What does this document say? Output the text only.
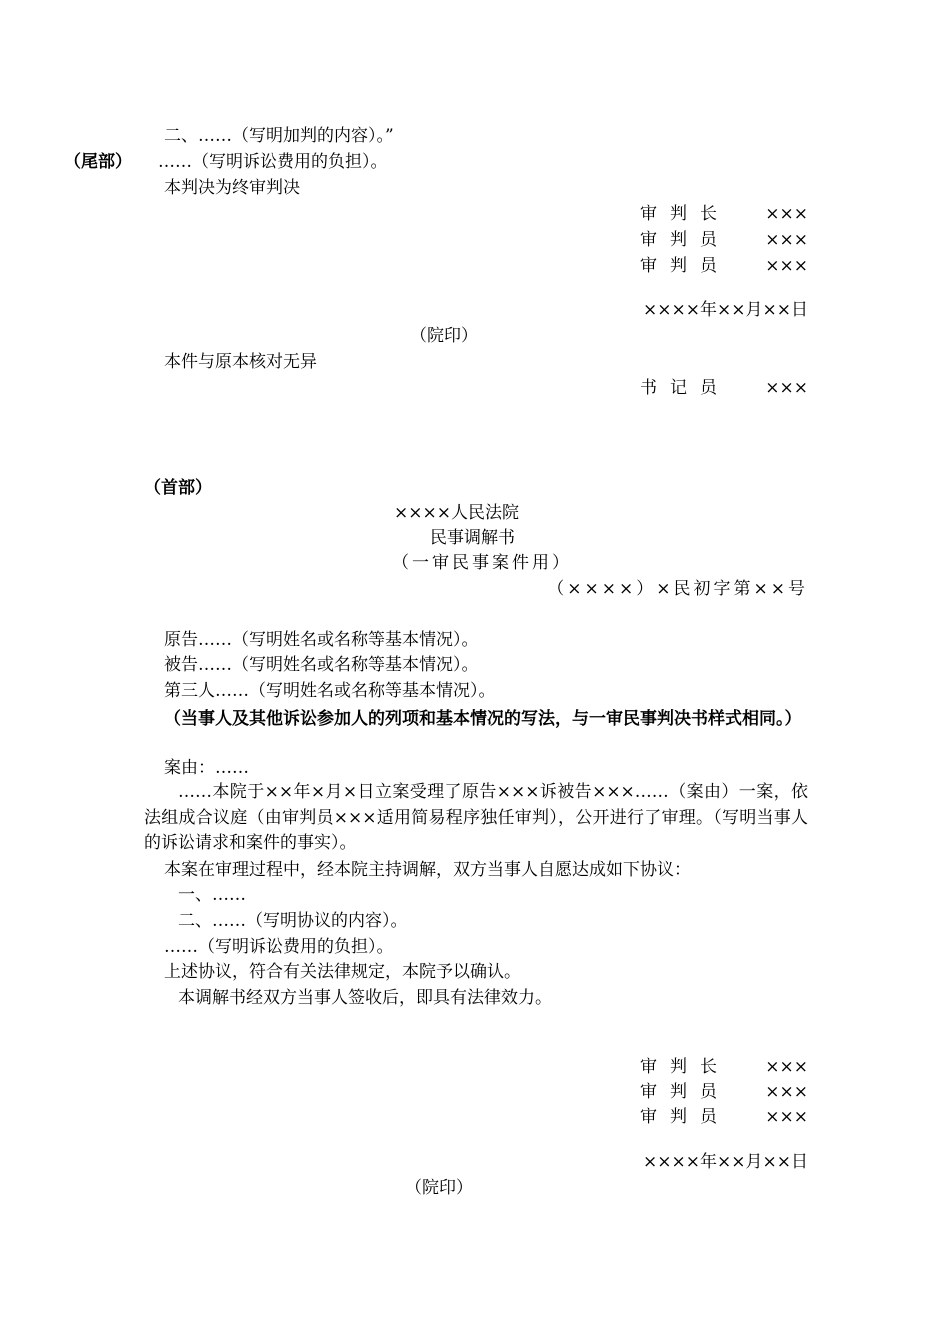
二、……（写明加判的内容）。”
（尾部） ……（写明诉讼费用的负担）。
本判决为终审判决
审判长 ×××
审判员 ×××
审判员 ×××
××××年××月××日
（院印）
本件与原本核对无异
书记员 ×××
（首部）
××××人民法院
民事调解书
（一审民事案件用）
（××××）×民初字第××号
原告……（写明姓名或名称等基本情况）。
被告……（写明姓名或名称等基本情况）。
第三人……（写明姓名或名称等基本情况）。
（当事人及其他诉讼参加人的列项和基本情况的写法，与一审民事判决书样式相同。）
案由：……
……本院于××年×月×日立案受理了原告×××诉被告×××……（案由）一案，依法组成合议庭（由审判员×××适用简易程序独任审判），公开进行了审理。（写明当事人的诉讼请求和案件的事实）。
本案在审理过程中，经本院主持调解，双方当事人自愿达成如下协议：
一、……
二、……（写明协议的内容）。
……（写明诉讼费用的负担）。
上述协议，符合有关法律规定，本院予以确认。
本调解书经双方当事人签收后，即具有法律效力。
审判长 ×××
审判员 ×××
审判员 ×××
××××年××月××日
（院印）
